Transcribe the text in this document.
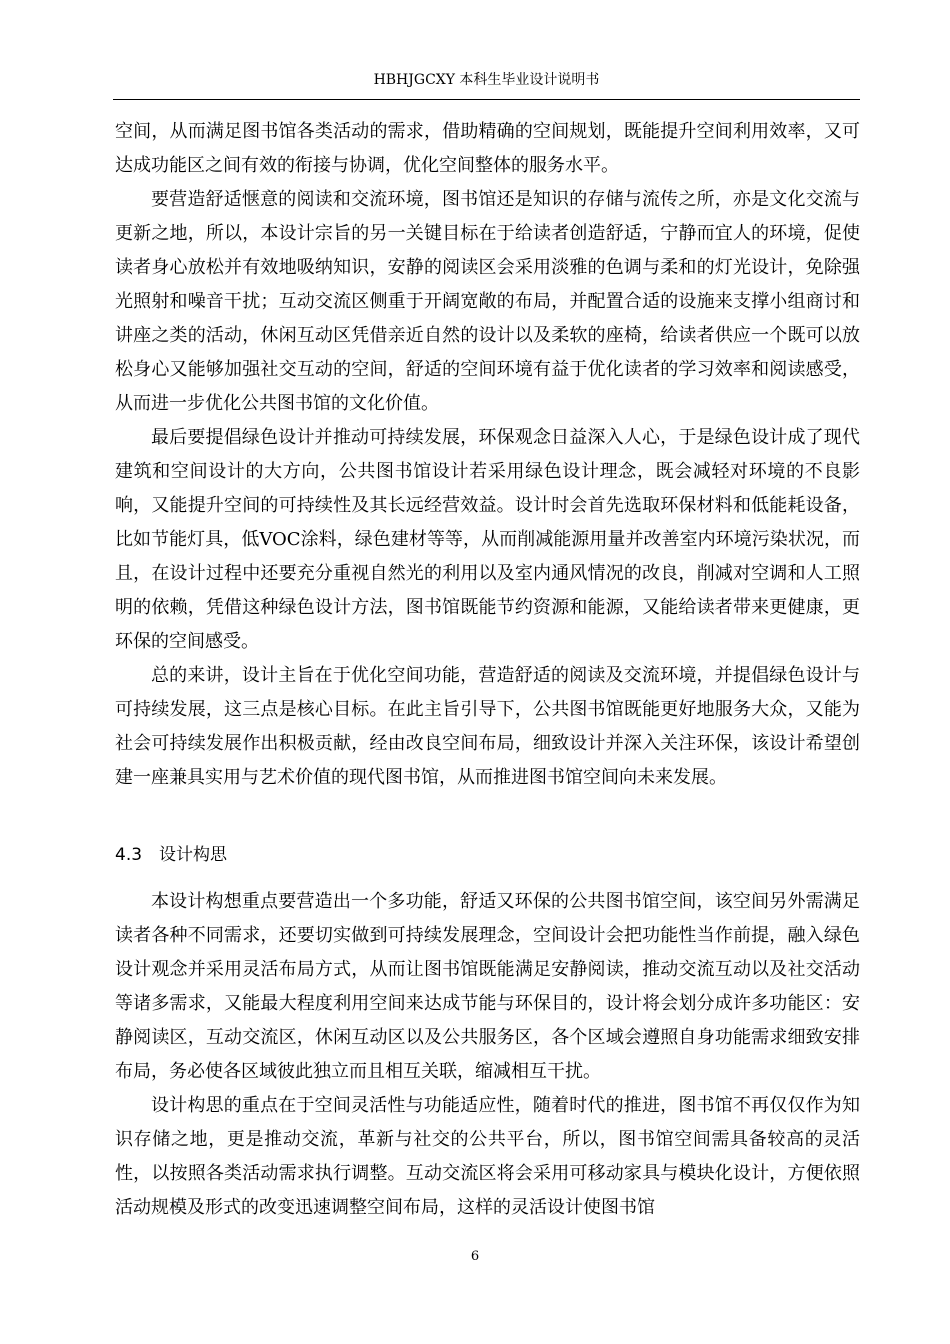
HBHJGCXY 本科生毕业设计说明书

空间，从而满足图书馆各类活动的需求，借助精确的空间规划，既能提升空间利用效率，又可达成功能区之间有效的衔接与协调，优化空间整体的服务水平。

要营造舒适惬意的阅读和交流环境，图书馆还是知识的存储与流传之所，亦是文化交流与更新之地，所以，本设计宗旨的另一关键目标在于给读者创造舒适，宁静而宜人的环境，促使读者身心放松并有效地吸纳知识，安静的阅读区会采用淡雅的色调与柔和的灯光设计，免除强光照射和噪音干扰；互动交流区侧重于开阔宽敞的布局，并配置合适的设施来支撑小组商讨和讲座之类的活动，休闲互动区凭借亲近自然的设计以及柔软的座椅，给读者供应一个既可以放松身心又能够加强社交互动的空间，舒适的空间环境有益于优化读者的学习效率和阅读感受，从而进一步优化公共图书馆的文化价值。

最后要提倡绿色设计并推动可持续发展，环保观念日益深入人心，于是绿色设计成了现代建筑和空间设计的大方向，公共图书馆设计若采用绿色设计理念，既会减轻对环境的不良影响，又能提升空间的可持续性及其长远经营效益。设计时会首先选取环保材料和低能耗设备，比如节能灯具，低VOC涂料，绿色建材等等，从而削减能源用量并改善室内环境污染状况，而且，在设计过程中还要充分重视自然光的利用以及室内通风情况的改良，削减对空调和人工照明的依赖，凭借这种绿色设计方法，图书馆既能节约资源和能源，又能给读者带来更健康，更环保的空间感受。

总的来讲，设计主旨在于优化空间功能，营造舒适的阅读及交流环境，并提倡绿色设计与可持续发展，这三点是核心目标。在此主旨引导下，公共图书馆既能更好地服务大众，又能为社会可持续发展作出积极贡献，经由改良空间布局，细致设计并深入关注环保，该设计希望创建一座兼具实用与艺术价值的现代图书馆，从而推进图书馆空间向未来发展。

4.3 设计构思

本设计构想重点要营造出一个多功能，舒适又环保的公共图书馆空间，该空间另外需满足读者各种不同需求，还要切实做到可持续发展理念，空间设计会把功能性当作前提，融入绿色设计观念并采用灵活布局方式，从而让图书馆既能满足安静阅读，推动交流互动以及社交活动等诸多需求，又能最大程度利用空间来达成节能与环保目的，设计将会划分成许多功能区：安静阅读区，互动交流区，休闲互动区以及公共服务区，各个区域会遵照自身功能需求细致安排布局，务必使各区域彼此独立而且相互关联，缩减相互干扰。

设计构思的重点在于空间灵活性与功能适应性，随着时代的推进，图书馆不再仅仅作为知识存储之地，更是推动交流，革新与社交的公共平台，所以，图书馆空间需具备较高的灵活性，以按照各类活动需求执行调整。互动交流区将会采用可移动家具与模块化设计，方便依照活动规模及形式的改变迅速调整空间布局，这样的灵活设计使图书馆

6
